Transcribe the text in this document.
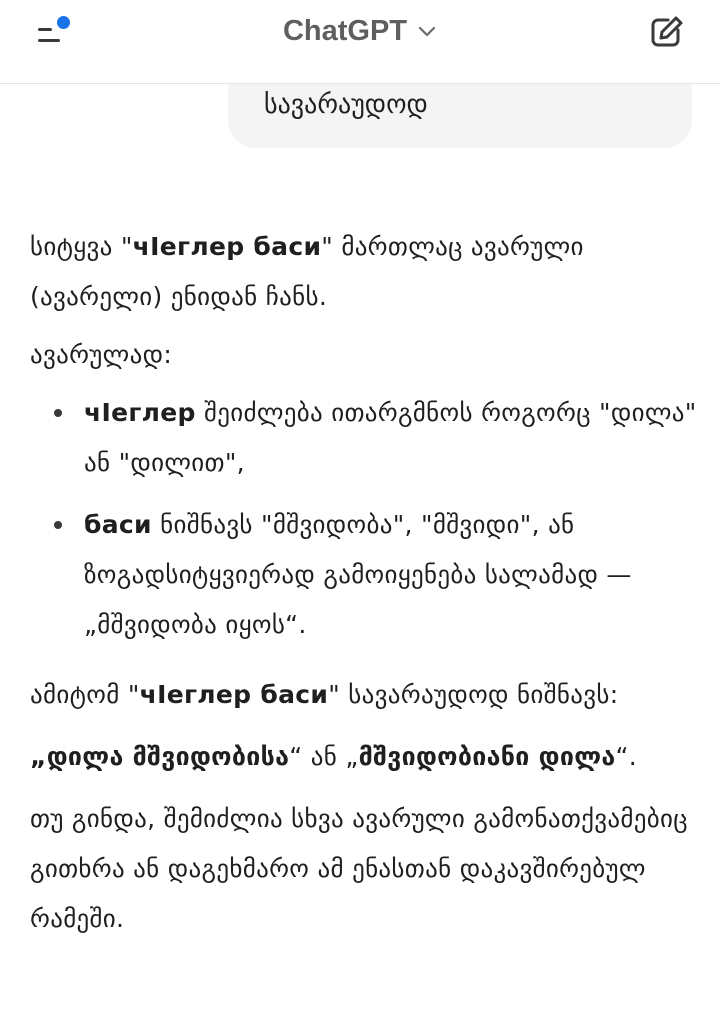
ChatGPT
სავარაუდოდ

სიტყვა "чӀеглер баси" მართლაც ავარული (ავარელი) ენიდან ჩანს.

ავარულად:

чӀеглер შეიძლება ითარგმნოს როგორც "დილა" ან "დილით",
баси ნიშნავს "მშვიდობა", "მშვიდი", ან ზოგადსიტყვიერად გამოიყენება სალამად — „მშვიდობა იყოს“.

ამიტომ "чӀеглер баси" სავარაუდოდ ნიშნავს:

„დილა მშვიდობისა“ ან „მშვიდობიანი დილა“.

თუ გინდა, შემიძლია სხვა ავარული გამონათქვამებიც გითხრა ან დაგეხმარო ამ ენასთან დაკავშირებულ რამეში.
